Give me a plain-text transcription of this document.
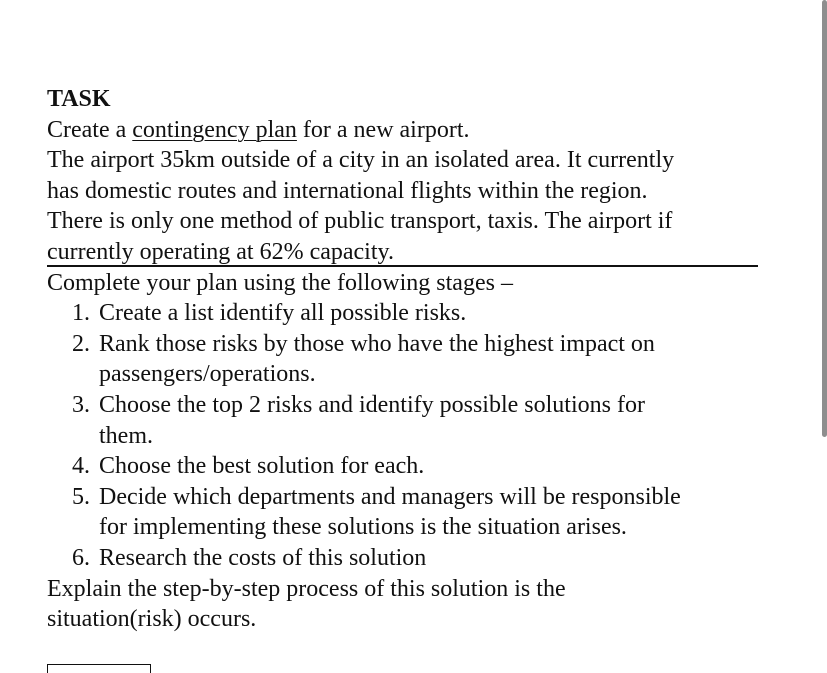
TASK

Create a contingency plan for a new airport.

The airport 35km outside of a city in an isolated area. It currently

has domestic routes and international flights within the region.

There is only one method of public transport, taxis. The airport if

currently operating at 62% capacity.

Complete your plan using the following stages –

1. Create a list identify all possible risks.
2. Rank those risks by those who have the highest impact on
passengers/operations.
3. Choose the top 2 risks and identify possible solutions for
them.
4. Choose the best solution for each.
5. Decide which departments and managers will be responsible
for implementing these solutions is the situation arises.
6. Research the costs of this solution

Explain the step-by-step process of this solution is the

situation(risk) occurs.
